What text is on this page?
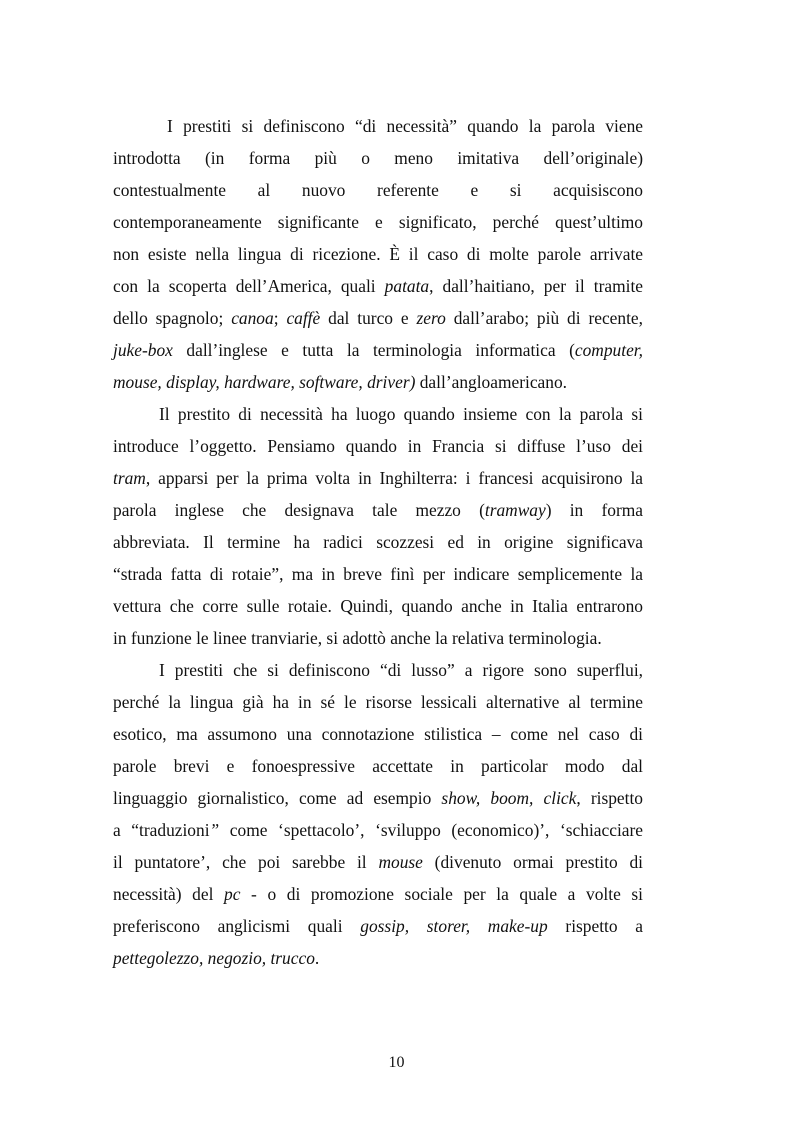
I prestiti si definiscono “di necessità” quando la parola viene
introdotta (in forma più o meno imitativa dell’originale)
contestualmente al nuovo referente e si acquisiscono
contemporaneamente significante e significato, perché quest’ultimo
non esiste nella lingua di ricezione. È il caso di molte parole arrivate
con la scoperta dell’America, quali patata, dall’haitiano, per il tramite
dello spagnolo; canoa; caffè dal turco e zero dall’arabo; più di recente,
juke-box dall’inglese e tutta la terminologia informatica (computer,
mouse, display, hardware, software, driver) dall’angloamericano.
Il prestito di necessità ha luogo quando insieme con la parola si
introduce l’oggetto. Pensiamo quando in Francia si diffuse l’uso dei
tram, apparsi per la prima volta in Inghilterra: i francesi acquisirono la
parola inglese che designava tale mezzo (tramway) in forma
abbreviata. Il termine ha radici scozzesi ed in origine significava
“strada fatta di rotaie”, ma in breve finì per indicare semplicemente la
vettura che corre sulle rotaie. Quindi, quando anche in Italia entrarono
in funzione le linee tranviarie, si adottò anche la relativa terminologia.
I prestiti che si definiscono “di lusso” a rigore sono superflui,
perché la lingua già ha in sé le risorse lessicali alternative al termine
esotico, ma assumono una connotazione stilistica – come nel caso di
parole brevi e fonoespressive accettate in particolar modo dal
linguaggio giornalistico, come ad esempio show, boom, click, rispetto
a “traduzioni” come ‘spettacolo’, ‘sviluppo (economico)’, ‘schiacciare
il puntatore’, che poi sarebbe il mouse (divenuto ormai prestito di
necessità) del pc - o di promozione sociale per la quale a volte si
preferiscono anglicismi quali gossip, storer, make-up rispetto a
pettegolezzo, negozio, trucco.
10
